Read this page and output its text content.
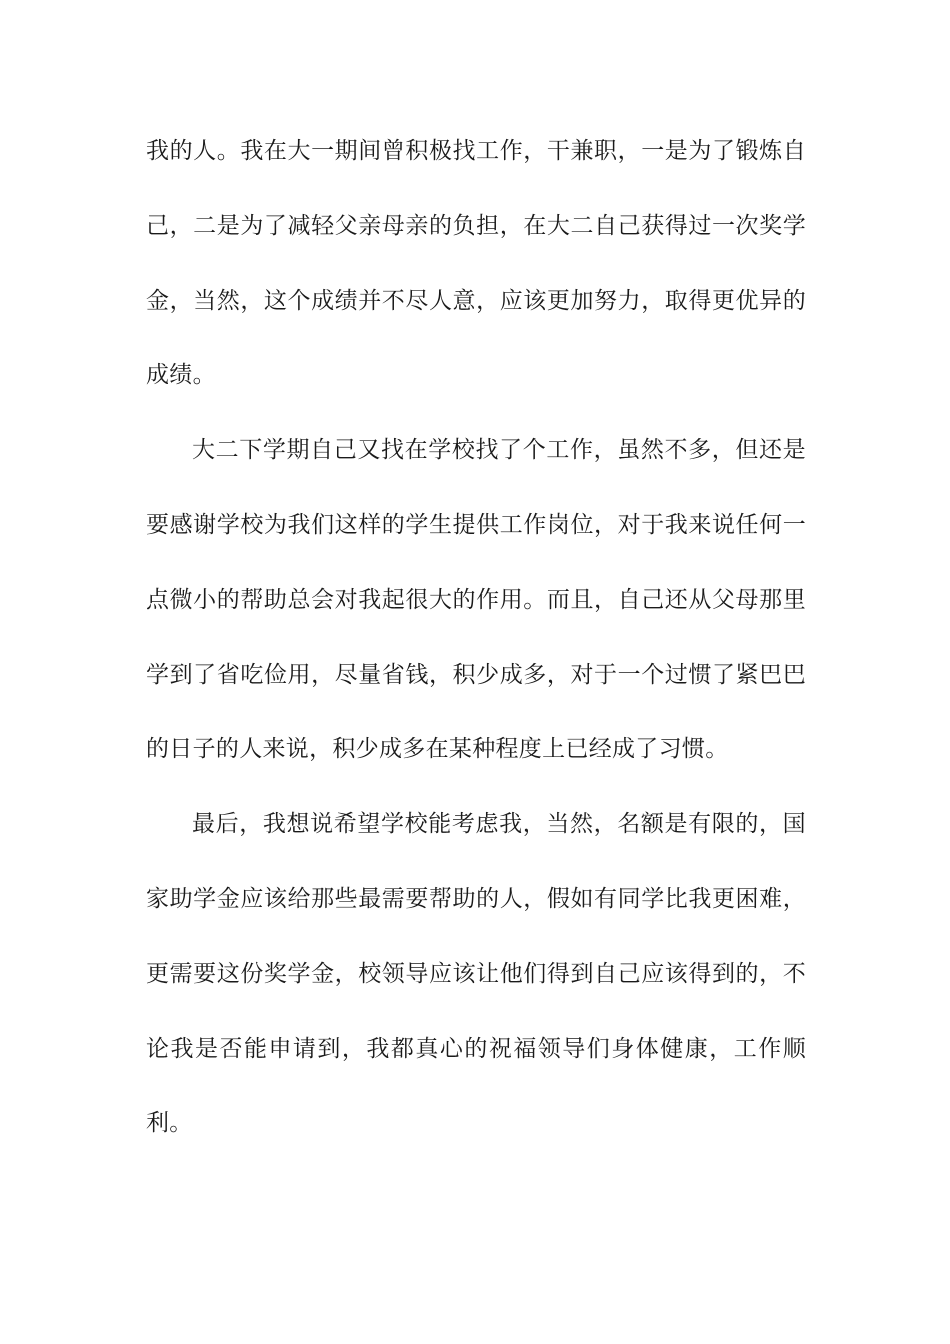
我的人。我在大一期间曾积极找工作，干兼职，一是为了锻炼自己，二是为了减轻父亲母亲的负担，在大二自己获得过一次奖学金，当然，这个成绩并不尽人意，应该更加努力，取得更优异的成绩。

大二下学期自己又找在学校找了个工作，虽然不多，但还是要感谢学校为我们这样的学生提供工作岗位，对于我来说任何一点微小的帮助总会对我起很大的作用。而且，自己还从父母那里学到了省吃俭用，尽量省钱，积少成多，对于一个过惯了紧巴巴的日子的人来说，积少成多在某种程度上已经成了习惯。

最后，我想说希望学校能考虑我，当然，名额是有限的，国家助学金应该给那些最需要帮助的人，假如有同学比我更困难，更需要这份奖学金，校领导应该让他们得到自己应该得到的，不论我是否能申请到，我都真心的祝福领导们身体健康，工作顺利。
